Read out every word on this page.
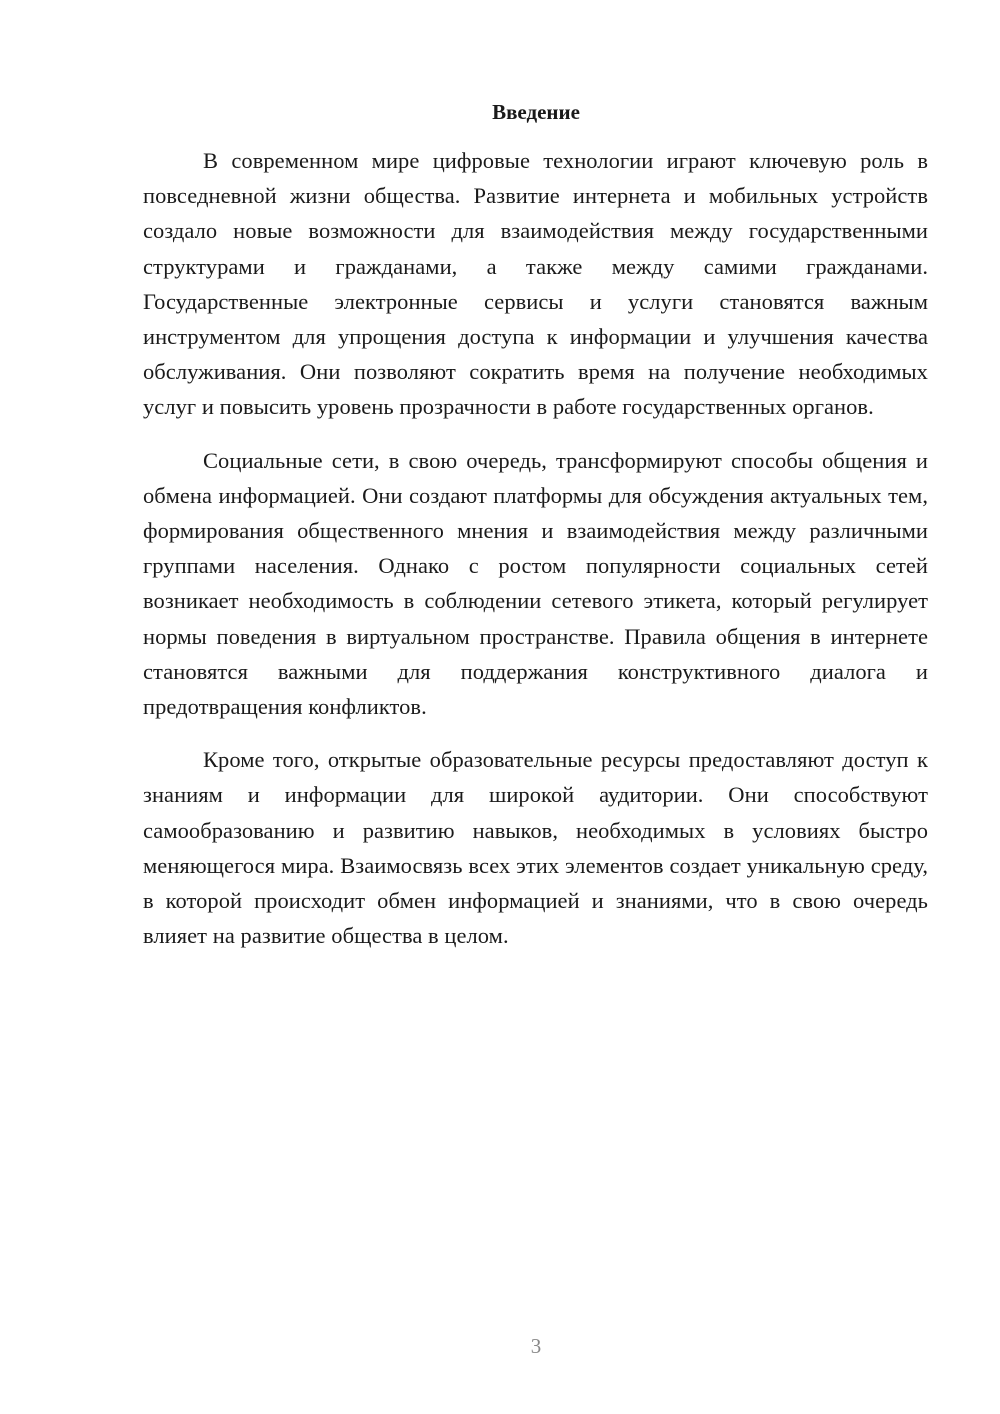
Введение

В современном мире цифровые технологии играют ключевую роль в повседневной жизни общества. Развитие интернета и мобильных устройств создало новые возможности для взаимодействия между государственными структурами и гражданами, а также между самими гражданами. Государственные электронные сервисы и услуги становятся важным инструментом для упрощения доступа к информации и улучшения качества обслуживания. Они позволяют сократить время на получение необходимых услуг и повысить уровень прозрачности в работе государственных органов.

Социальные сети, в свою очередь, трансформируют способы общения и обмена информацией. Они создают платформы для обсуждения актуальных тем, формирования общественного мнения и взаимодействия между различными группами населения. Однако с ростом популярности социальных сетей возникает необходимость в соблюдении сетевого этикета, который регулирует нормы поведения в виртуальном пространстве. Правила общения в интернете становятся важными для поддержания конструктивного диалога и предотвращения конфликтов.

Кроме того, открытые образовательные ресурсы предоставляют доступ к знаниям и информации для широкой аудитории. Они способствуют самообразованию и развитию навыков, необходимых в условиях быстро меняющегося мира. Взаимосвязь всех этих элементов создает уникальную среду, в которой происходит обмен информацией и знаниями, что в свою очередь влияет на развитие общества в целом.

3
